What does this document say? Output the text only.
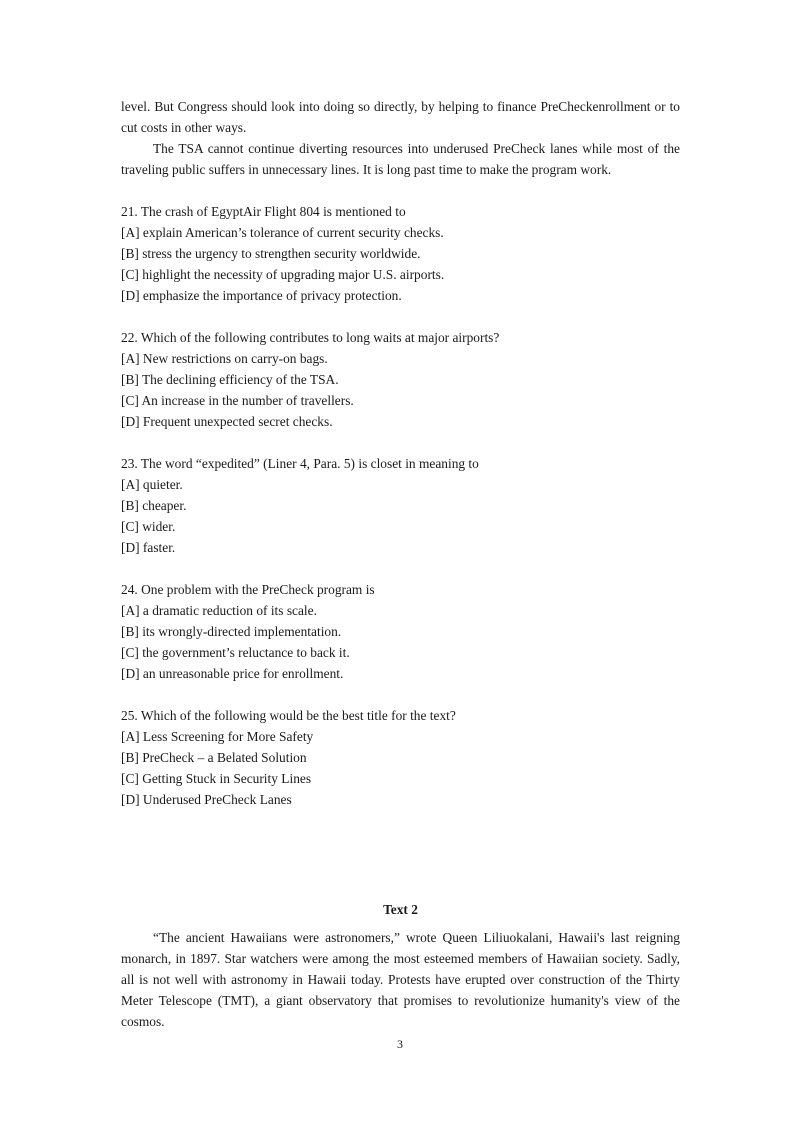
level. But Congress should look into doing so directly, by helping to finance PreCheckenrollment or to cut costs in other ways.

The TSA cannot continue diverting resources into underused PreCheck lanes while most of the traveling public suffers in unnecessary lines. It is long past time to make the program work.

21. The crash of EgyptAir Flight 804 is mentioned to

[A] explain American’s tolerance of current security checks.

[B] stress the urgency to strengthen security worldwide.

[C] highlight the necessity of upgrading major U.S. airports.

[D] emphasize the importance of privacy protection.

22. Which of the following contributes to long waits at major airports?

[A] New restrictions on carry-on bags.

[B] The declining efficiency of the TSA.

[C] An increase in the number of travellers.

[D] Frequent unexpected secret checks.

23. The word “expedited” (Liner 4, Para. 5) is closet in meaning to

[A] quieter.

[B] cheaper.

[C] wider.

[D] faster.

24. One problem with the PreCheck program is

[A] a dramatic reduction of its scale.

[B] its wrongly-directed implementation.

[C] the government’s reluctance to back it.

[D] an unreasonable price for enrollment.

25. Which of the following would be the best title for the text?

[A] Less Screening for More Safety

[B] PreCheck – a Belated Solution

[C] Getting Stuck in Security Lines

[D] Underused PreCheck Lanes

Text 2

“The ancient Hawaiians were astronomers,” wrote Queen Liliuokalani, Hawaii's last reigning monarch, in 1897. Star watchers were among the most esteemed members of Hawaiian society. Sadly, all is not well with astronomy in Hawaii today. Protests have erupted over construction of the Thirty Meter Telescope (TMT), a giant observatory that promises to revolutionize humanity's view of the cosmos.

3
